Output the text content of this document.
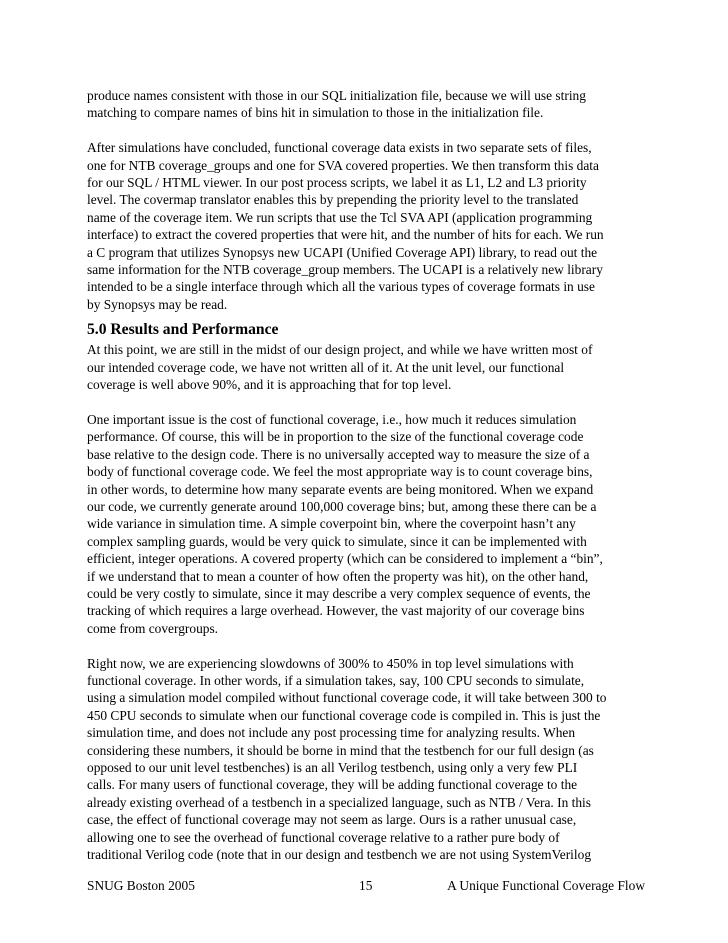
produce names consistent with those in our SQL initialization file, because we will use string
matching to compare names of bins hit in simulation to those in the initialization file.

After simulations have concluded, functional coverage data exists in two separate sets of files,
one for NTB coverage_groups and one for SVA covered properties. We then transform this data
for our SQL / HTML viewer. In our post process scripts, we label it as L1, L2 and L3 priority
level. The covermap translator enables this by prepending the priority level to the translated
name of the coverage item. We run scripts that use the Tcl SVA API (application programming
interface) to extract the covered properties that were hit, and the number of hits for each. We run
a C program that utilizes Synopsys new UCAPI (Unified Coverage API) library, to read out the
same information for the NTB coverage_group members. The UCAPI is a relatively new library
intended to be a single interface through which all the various types of coverage formats in use
by Synopsys may be read.

5.0 Results and Performance

At this point, we are still in the midst of our design project, and while we have written most of
our intended coverage code, we have not written all of it. At the unit level, our functional
coverage is well above 90%, and it is approaching that for top level.

One important issue is the cost of functional coverage, i.e., how much it reduces simulation
performance. Of course, this will be in proportion to the size of the functional coverage code
base relative to the design code. There is no universally accepted way to measure the size of a
body of functional coverage code. We feel the most appropriate way is to count coverage bins,
in other words, to determine how many separate events are being monitored. When we expand
our code, we currently generate around 100,000 coverage bins; but, among these there can be a
wide variance in simulation time. A simple coverpoint bin, where the coverpoint hasn’t any
complex sampling guards, would be very quick to simulate, since it can be implemented with
efficient, integer operations. A covered property (which can be considered to implement a “bin”,
if we understand that to mean a counter of how often the property was hit), on the other hand,
could be very costly to simulate, since it may describe a very complex sequence of events, the
tracking of which requires a large overhead. However, the vast majority of our coverage bins
come from covergroups.

Right now, we are experiencing slowdowns of 300% to 450% in top level simulations with
functional coverage. In other words, if a simulation takes, say, 100 CPU seconds to simulate,
using a simulation model compiled without functional coverage code, it will take between 300 to
450 CPU seconds to simulate when our functional coverage code is compiled in. This is just the
simulation time, and does not include any post processing time for analyzing results. When
considering these numbers, it should be borne in mind that the testbench for our full design (as
opposed to our unit level testbenches) is an all Verilog testbench, using only a very few PLI
calls. For many users of functional coverage, they will be adding functional coverage to the
already existing overhead of a testbench in a specialized language, such as NTB / Vera. In this
case, the effect of functional coverage may not seem as large. Ours is a rather unusual case,
allowing one to see the overhead of functional coverage relative to a rather pure body of
traditional Verilog code (note that in our design and testbench we are not using SystemVerilog

SNUG Boston 2005	15	A Unique Functional Coverage Flow
